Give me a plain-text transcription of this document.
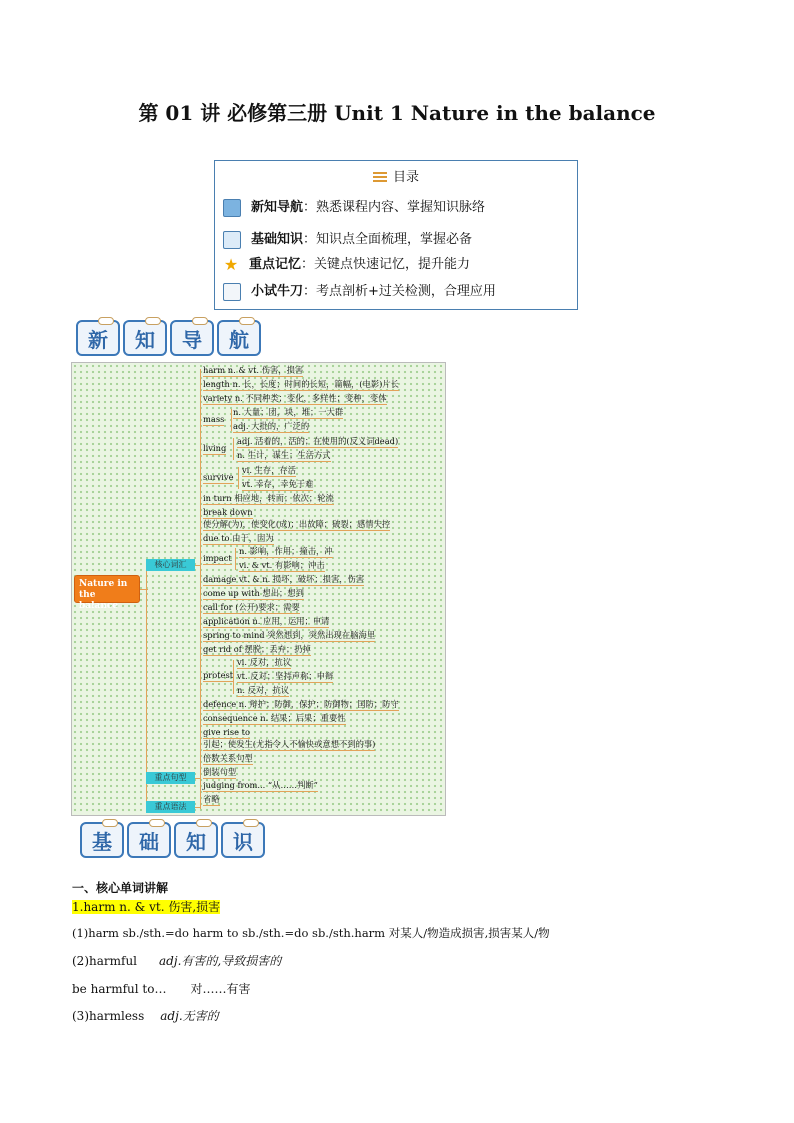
第 01 讲 必修第三册 Unit 1 Nature in the balance
目录
新知导航：熟悉课程内容、掌握知识脉络
基础知识：知识点全面梳理，掌握必备
★ 重点记忆：关键点快速记忆，提升能力
小试牛刀：考点剖析+过关检测，合理应用
新 知 导 航
Nature in the balance
核心词汇
重点句型
重点语法
harm n. & vt. 伤害，损害
length n. 长，长度；时间的长短，篇幅，(电影)片长
variety n. 不同种类；变化，多样性；变种，变体
mass
n. 大量；团，块，堆；一大群
adj. 大批的，广泛的
living
adj. 活着的，活的；在使用的(反义词dead)
n. 生计，谋生；生活方式
survive
vi. 生存，存活
vt. 幸存，幸免于难
in turn 相应地，转而；依次；轮流
break down
使分解(为)，使变化(成)；出故障；破裂；感情失控
due to 由于，因为
impact
n. 影响，作用；撞击，冲
vi. & vt. 有影响；冲击
damage vt. & n. 损坏，破坏；损害，伤害
come up with 想出；想到
call for (公开)要求；需要
application n. 应用，运用；申请
spring to mind 突然想到，突然出现在脑海里
get rid of 摆脱；丢弃；扔掉
protest
vi. 反对，抗议
vt. 反对；坚持声称；申辩
n. 反对，抗议
defence n. 辩护；防御，保护；防御物；国防；防守
consequence n. 结果；后果；重要性
give rise to
引起；使发生(尤指令人不愉快或意想不到的事)
倍数关系句型
倒装句型
judging from... “从……判断”
省略
基 础 知 识
一、核心单词讲解
1.harm n. & vt. 伤害,损害
(1)harm sb./sth.=do harm to sb./sth.=do sb./sth.harm 对某人/物造成损害,损害某人/物
(2)harmful adj.有害的,导致损害的
be harmful to… 对……有害
(3)harmless adj.无害的
